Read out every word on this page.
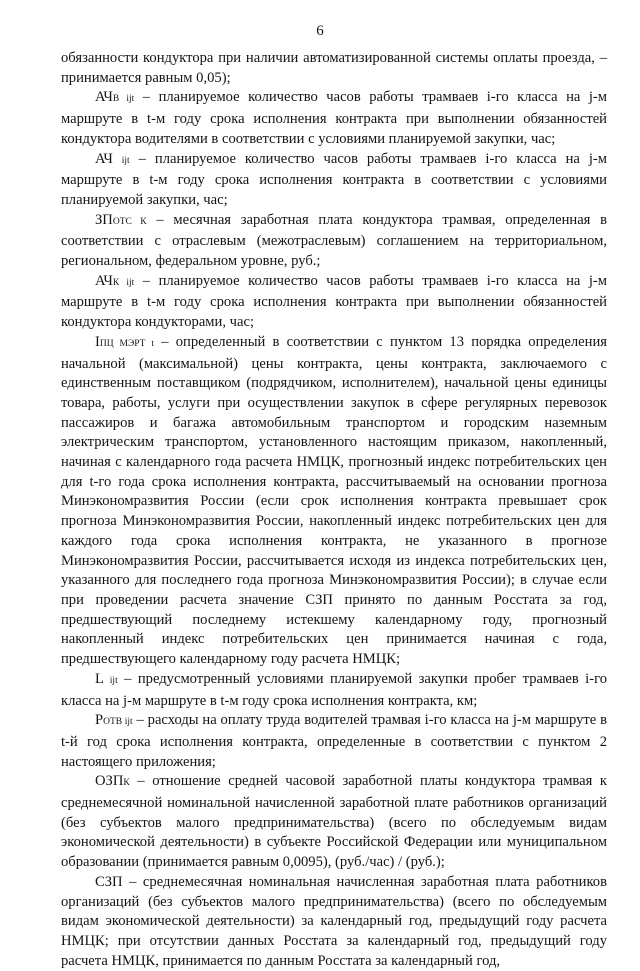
6

обязанности кондуктора при наличии автоматизированной системы оплаты проезда, – принимается равным 0,05);

АЧВ ijt – планируемое количество часов работы трамваев i-го класса на j-м маршруте в t-м году срока исполнения контракта при выполнении обязанностей кондуктора водителями в соответствии с условиями планируемой закупки, час;

АЧ ijt – планируемое количество часов работы трамваев i-го класса на j-м маршруте в t-м году срока исполнения контракта в соответствии с условиями планируемой закупки, час;

ЗПОТС К – месячная заработная плата кондуктора трамвая, определенная в соответствии с отраслевым (межотраслевым) соглашением на территориальном, региональном, федеральном уровне, руб.;

АЧК ijt – планируемое количество часов работы трамваев i-го класса на j-м маршруте в t-м году срока исполнения контракта при выполнении обязанностей кондуктора кондукторами, час;

IПЦ МЭРТ t – определенный в соответствии с пунктом 13 порядка определения начальной (максимальной) цены контракта, цены контракта, заключаемого с единственным поставщиком (подрядчиком, исполнителем), начальной цены единицы товара, работы, услуги при осуществлении закупок в сфере регулярных перевозок пассажиров и багажа автомобильным транспортом и городским наземным электрическим транспортом, установленного настоящим приказом, накопленный, начиная с календарного года расчета НМЦК, прогнозный индекс потребительских цен для t-го года срока исполнения контракта, рассчитываемый на основании прогноза Минэкономразвития России (если срок исполнения контракта превышает срок прогноза Минэкономразвития России, накопленный индекс потребительских цен для каждого года срока исполнения контракта, не указанного в прогнозе Минэкономразвития России, рассчитывается исходя из индекса потребительских цен, указанного для последнего года прогноза Минэкономразвития России); в случае если при проведении расчета значение СЗП принято по данным Росстата за год, предшествующий последнему истекшему календарному году, прогнозный накопленный индекс потребительских цен принимается начиная с года, предшествующего календарному году расчета НМЦК;

L ijt – предусмотренный условиями планируемой закупки пробег трамваев i-го класса на j-м маршруте в t-м году срока исполнения контракта, км;

РОТВ ijt – расходы на оплату труда водителей трамвая i-го класса на j-м маршруте в t-й год срока исполнения контракта, определенные в соответствии с пунктом 2 настоящего приложения;

ОЗПК – отношение средней часовой заработной платы кондуктора трамвая к среднемесячной номинальной начисленной заработной плате работников организаций (без субъектов малого предпринимательства) (всего по обследуемым видам экономической деятельности) в субъекте Российской Федерации или муниципальном образовании (принимается равным 0,0095), (руб./час) / (руб.);

СЗП – среднемесячная номинальная начисленная заработная плата работников организаций (без субъектов малого предпринимательства) (всего по обследуемым видам экономической деятельности) за календарный год, предыдущий году расчета НМЦК; при отсутствии данных Росстата за календарный год, предыдущий году расчета НМЦК, принимается по данным Росстата за календарный год,
